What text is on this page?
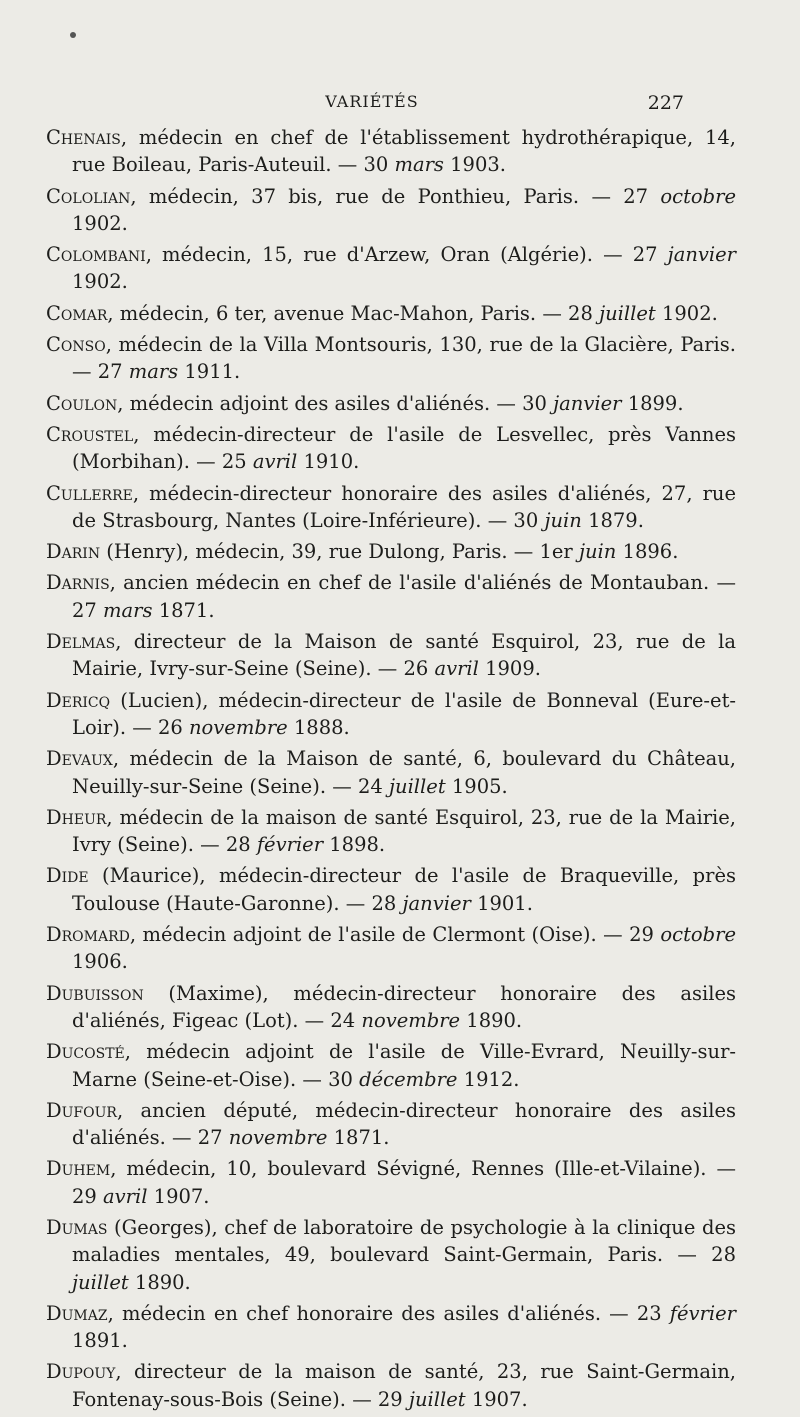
VARIÉTÉS	227

Chenais, médecin en chef de l'établissement hydrothérapique, 14, rue Boileau, Paris-Auteuil. — 30 mars 1903.

Cololian, médecin, 37 bis, rue de Ponthieu, Paris. — 27 octobre 1902.

Colombani, médecin, 15, rue d'Arzew, Oran (Algérie). — 27 janvier 1902.

Comar, médecin, 6 ter, avenue Mac-Mahon, Paris. — 28 juillet 1902.

Conso, médecin de la Villa Montsouris, 130, rue de la Glacière, Paris. — 27 mars 1911.

Coulon, médecin adjoint des asiles d'aliénés. — 30 janvier 1899.

Croustel, médecin-directeur de l'asile de Lesvellec, près Vannes (Morbihan). — 25 avril 1910.

Cullerre, médecin-directeur honoraire des asiles d'aliénés, 27, rue de Strasbourg, Nantes (Loire-Inférieure). — 30 juin 1879.

Darin (Henry), médecin, 39, rue Dulong, Paris. — 1er juin 1896.

Darnis, ancien médecin en chef de l'asile d'aliénés de Montauban. — 27 mars 1871.

Delmas, directeur de la Maison de santé Esquirol, 23, rue de la Mairie, Ivry-sur-Seine (Seine). — 26 avril 1909.

Dericq (Lucien), médecin-directeur de l'asile de Bonneval (Eure-et-Loir). — 26 novembre 1888.

Devaux, médecin de la Maison de santé, 6, boulevard du Château, Neuilly-sur-Seine (Seine). — 24 juillet 1905.

Dheur, médecin de la maison de santé Esquirol, 23, rue de la Mairie, Ivry (Seine). — 28 février 1898.

Dide (Maurice), médecin-directeur de l'asile de Braqueville, près Toulouse (Haute-Garonne). — 28 janvier 1901.

Dromard, médecin adjoint de l'asile de Clermont (Oise). — 29 octobre 1906.

Dubuisson (Maxime), médecin-directeur honoraire des asiles d'aliénés, Figeac (Lot). — 24 novembre 1890.

Ducosté, médecin adjoint de l'asile de Ville-Evrard, Neuilly-sur-Marne (Seine-et-Oise). — 30 décembre 1912.

Dufour, ancien député, médecin-directeur honoraire des asiles d'aliénés. — 27 novembre 1871.

Duhem, médecin, 10, boulevard Sévigné, Rennes (Ille-et-Vilaine). — 29 avril 1907.

Dumas (Georges), chef de laboratoire de psychologie à la clinique des maladies mentales, 49, boulevard Saint-Germain, Paris. — 28 juillet 1890.

Dumaz, médecin en chef honoraire des asiles d'aliénés. — 23 février 1891.

Dupouy, directeur de la maison de santé, 23, rue Saint-Germain, Fontenay-sous-Bois (Seine). — 29 juillet 1907.
